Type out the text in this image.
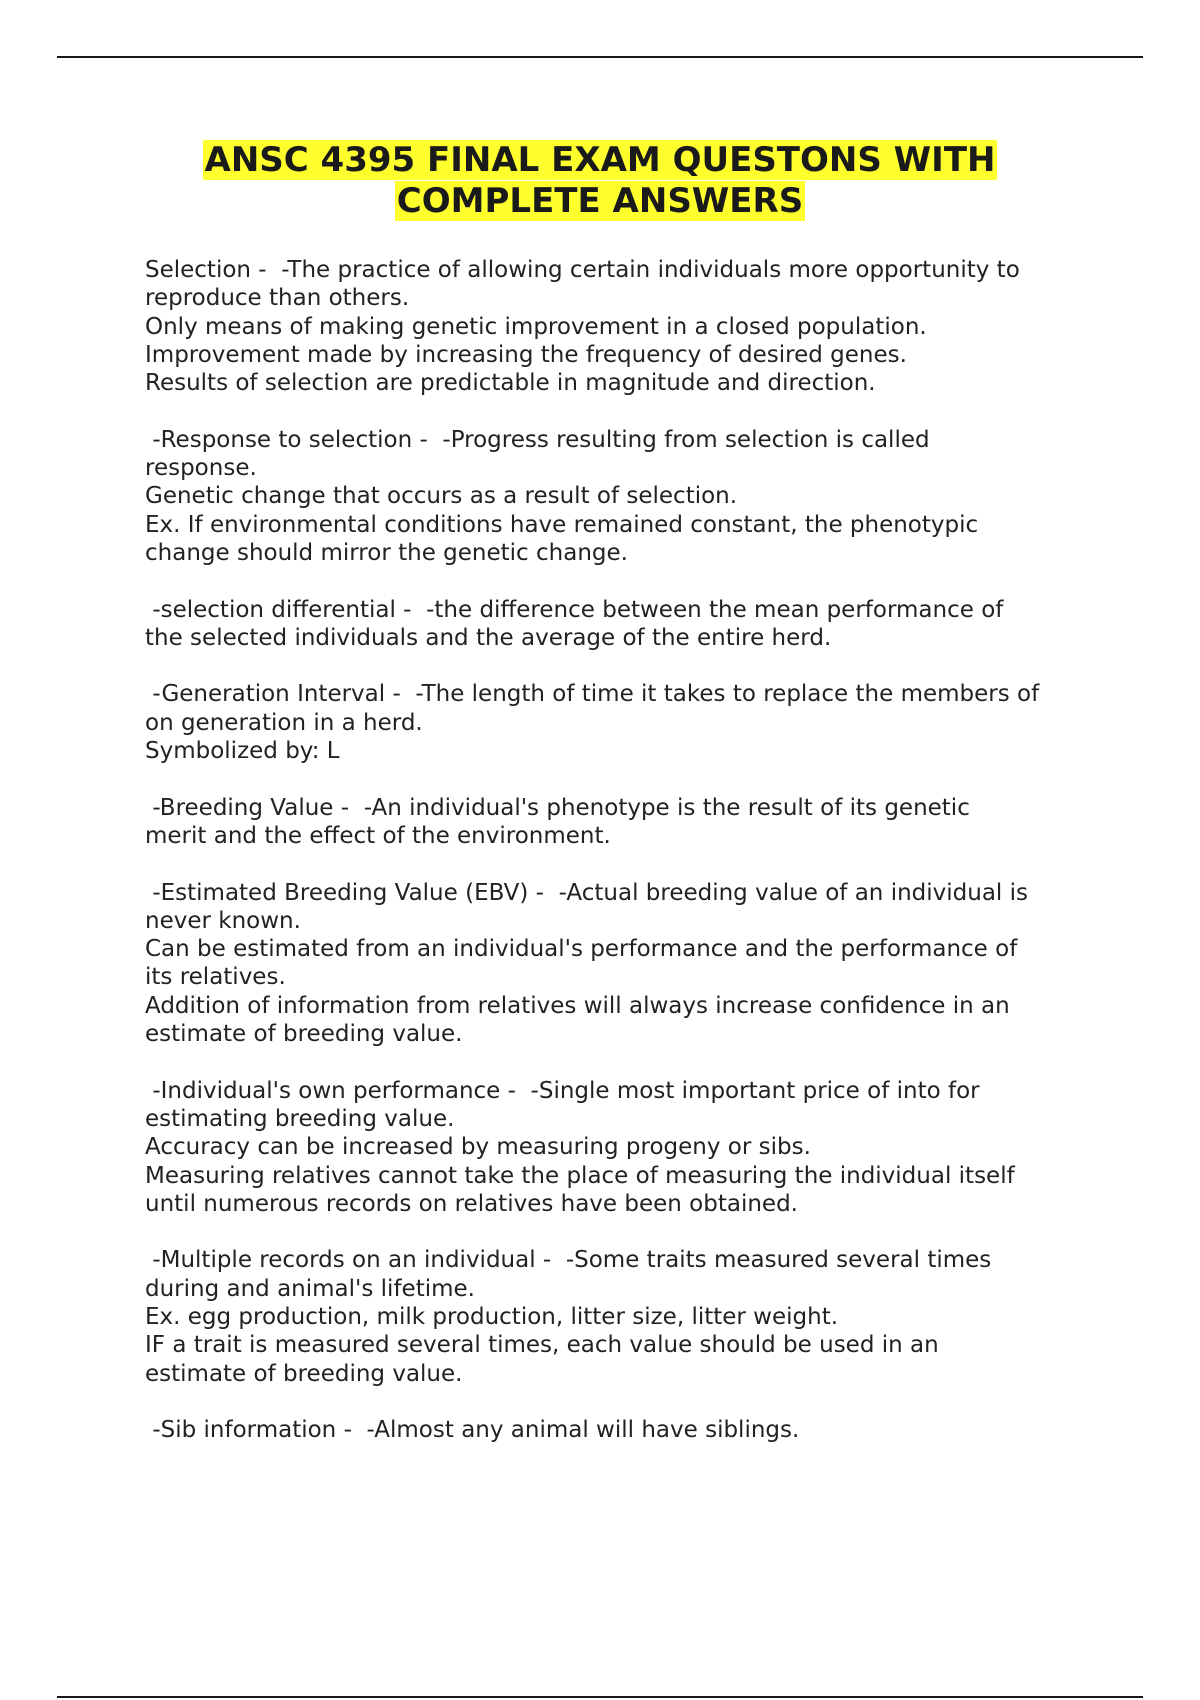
ANSC 4395 FINAL EXAM QUESTONS WITH
COMPLETE ANSWERS
Selection -  -The practice of allowing certain individuals more opportunity to
reproduce than others.
Only means of making genetic improvement in a closed population.
Improvement made by increasing the frequency of desired genes.
Results of selection are predictable in magnitude and direction.
-Response to selection -  -Progress resulting from selection is called
response.
Genetic change that occurs as a result of selection.
Ex. If environmental conditions have remained constant, the phenotypic
change should mirror the genetic change.
-selection differential -  -the difference between the mean performance of
the selected individuals and the average of the entire herd.
-Generation Interval -  -The length of time it takes to replace the members of
on generation in a herd.
Symbolized by: L
-Breeding Value -  -An individual's phenotype is the result of its genetic
merit and the effect of the environment.
-Estimated Breeding Value (EBV) -  -Actual breeding value of an individual is
never known.
Can be estimated from an individual's performance and the performance of
its relatives.
Addition of information from relatives will always increase confidence in an
estimate of breeding value.
-Individual's own performance -  -Single most important price of into for
estimating breeding value.
Accuracy can be increased by measuring progeny or sibs.
Measuring relatives cannot take the place of measuring the individual itself
until numerous records on relatives have been obtained.
-Multiple records on an individual -  -Some traits measured several times
during and animal's lifetime.
Ex. egg production, milk production, litter size, litter weight.
IF a trait is measured several times, each value should be used in an
estimate of breeding value.
-Sib information -  -Almost any animal will have siblings.
